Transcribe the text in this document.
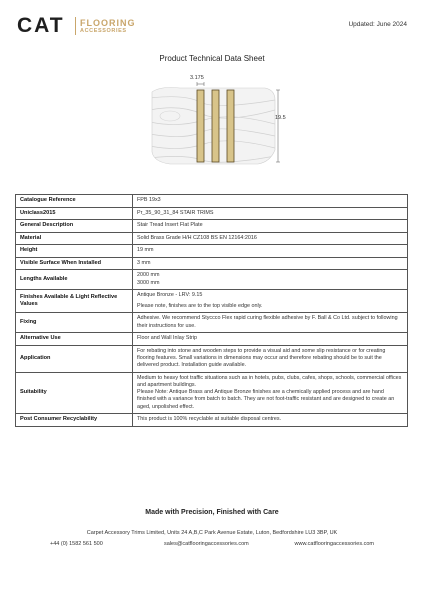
CAT FLOORING
ACCESSORIES
Updated: June 2024
Product Technical Data Sheet
3.175
19.5
Catalogue Reference	FPB 19x3

Uniclass2015	Pr_35_90_31_84 STAIR TRIMS

General Description	Stair Tread Insert Flat Plate

Material	Solid Brass Grade H/H CZ108 BS EN 12164:2016

Height	19 mm

Visible Surface When Installed	3 mm

Lengths Available	2000 mm

3000 mm

Finishes Available & Light Reflective Values	Antique Bronze - LRV: 9.15

Please note, finishes are to the top visible edge only.

Fixing	Adhesive. We recommend Styccco Flex rapid curing flexible adhesive by F. Ball & Co Ltd. subject to following their instructions for use.

Alternative Use	Floor and Wall Inlay Strip

Application	For rebating into stone and wooden steps to provide a visual aid and some slip resistance or for creating flooring features. Small variations in dimensions may occur and therefore rebating should be to suit the delivered product. Installation guide available.

Suitability	Medium to heavy foot traffic situations such as in hotels, pubs, clubs, cafes, shops, schools, commercial offices and apartment buildings.

Please Note: Antique Brass and Antique Bronze finishes are a chemically applied process and are hand finished with a variance from batch to batch. They are not foot-traffic resistant and are designed to create an aged, unpolished effect.

Post Consumer Recyclability	This product is 100% recyclable at suitable disposal centres.

Made with Precision, Finished with Care
Carpet Accessory Trims Limited, Units 24 A,B,C Park Avenue Estate, Luton, Bedfordshire LU3 3BP, UK
+44 (0) 1582 561 500	sales@catflooringaccessories.com	www.catflooringaccessories.com
